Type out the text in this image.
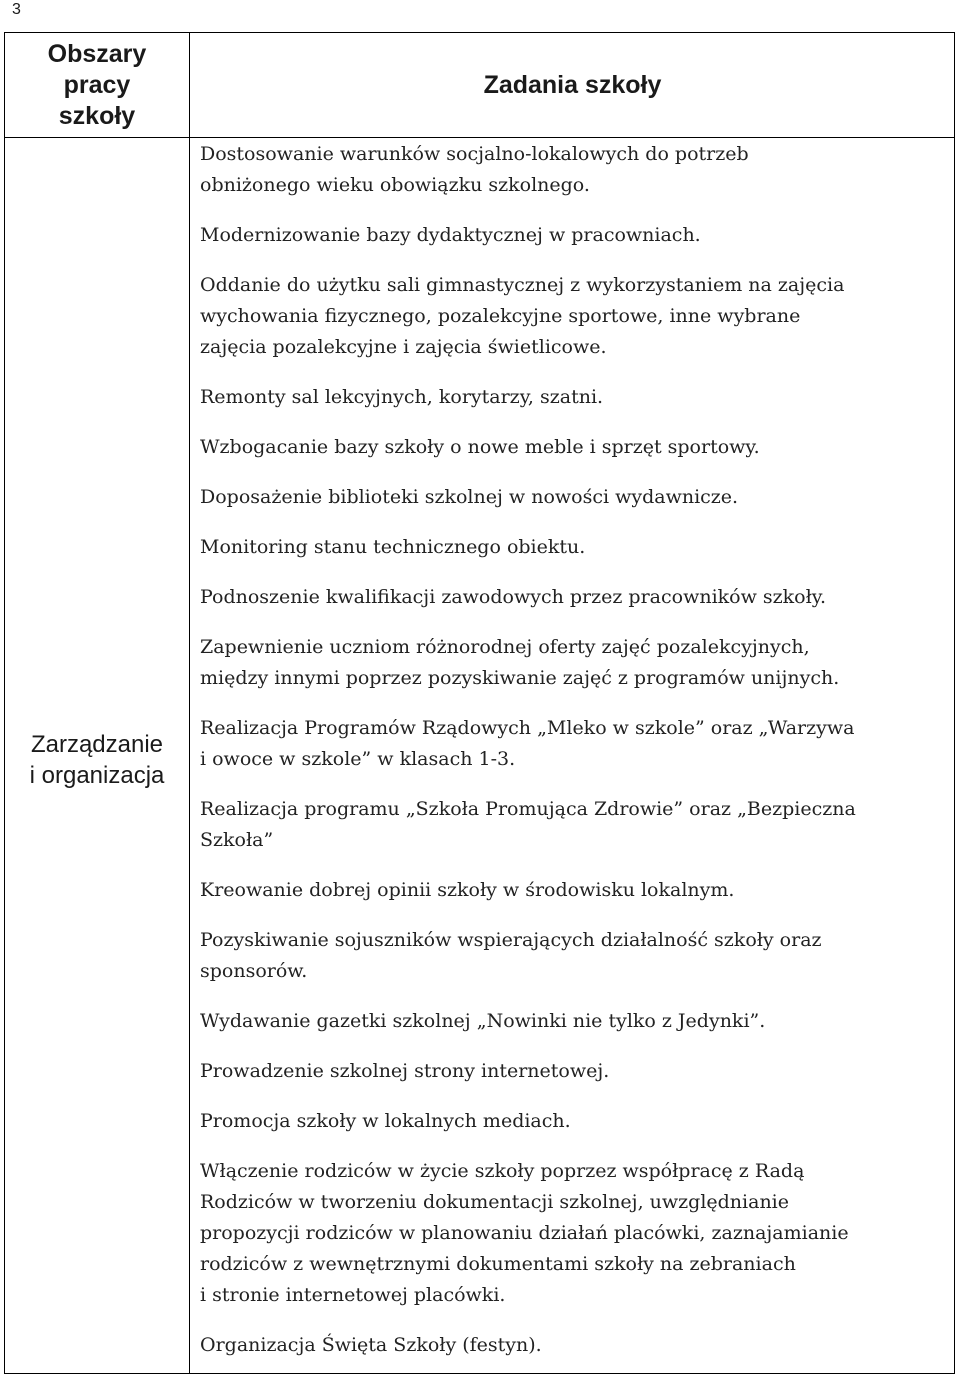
3
Obszary
pracy
szkoły
Zadania szkoły
Zarządzanie
i organizacja

Dostosowanie warunków socjalno-lokalowych do potrzeb
obniżonego wieku obowiązku szkolnego.

Modernizowanie bazy dydaktycznej w pracowniach.

Oddanie do użytku sali gimnastycznej z wykorzystaniem na zajęcia
wychowania fizycznego, pozalekcyjne sportowe, inne wybrane
zajęcia pozalekcyjne i zajęcia świetlicowe.

Remonty sal lekcyjnych, korytarzy, szatni.

Wzbogacanie bazy szkoły o nowe meble i sprzęt sportowy.

Doposażenie biblioteki szkolnej w nowości wydawnicze.

Monitoring stanu technicznego obiektu.

Podnoszenie kwalifikacji zawodowych przez pracowników szkoły.

Zapewnienie uczniom różnorodnej oferty zajęć pozalekcyjnych,
między innymi poprzez pozyskiwanie zajęć z programów unijnych.

Realizacja Programów Rządowych „Mleko w szkole” oraz „Warzywa
i owoce w szkole” w klasach 1-3.

Realizacja programu „Szkoła Promująca Zdrowie” oraz „Bezpieczna
Szkoła”

Kreowanie dobrej opinii szkoły w środowisku lokalnym.

Pozyskiwanie sojuszników wspierających działalność szkoły oraz
sponsorów.

Wydawanie gazetki szkolnej „Nowinki nie tylko z Jedynki”.

Prowadzenie szkolnej strony internetowej.

Promocja szkoły w lokalnych mediach.

Włączenie rodziców w życie szkoły poprzez współpracę z Radą
Rodziców w tworzeniu dokumentacji szkolnej, uwzględnianie
propozycji rodziców w planowaniu działań placówki, zaznajamianie
rodziców z wewnętrznymi dokumentami szkoły na zebraniach
i stronie internetowej placówki.

Organizacja Święta Szkoły (festyn).
